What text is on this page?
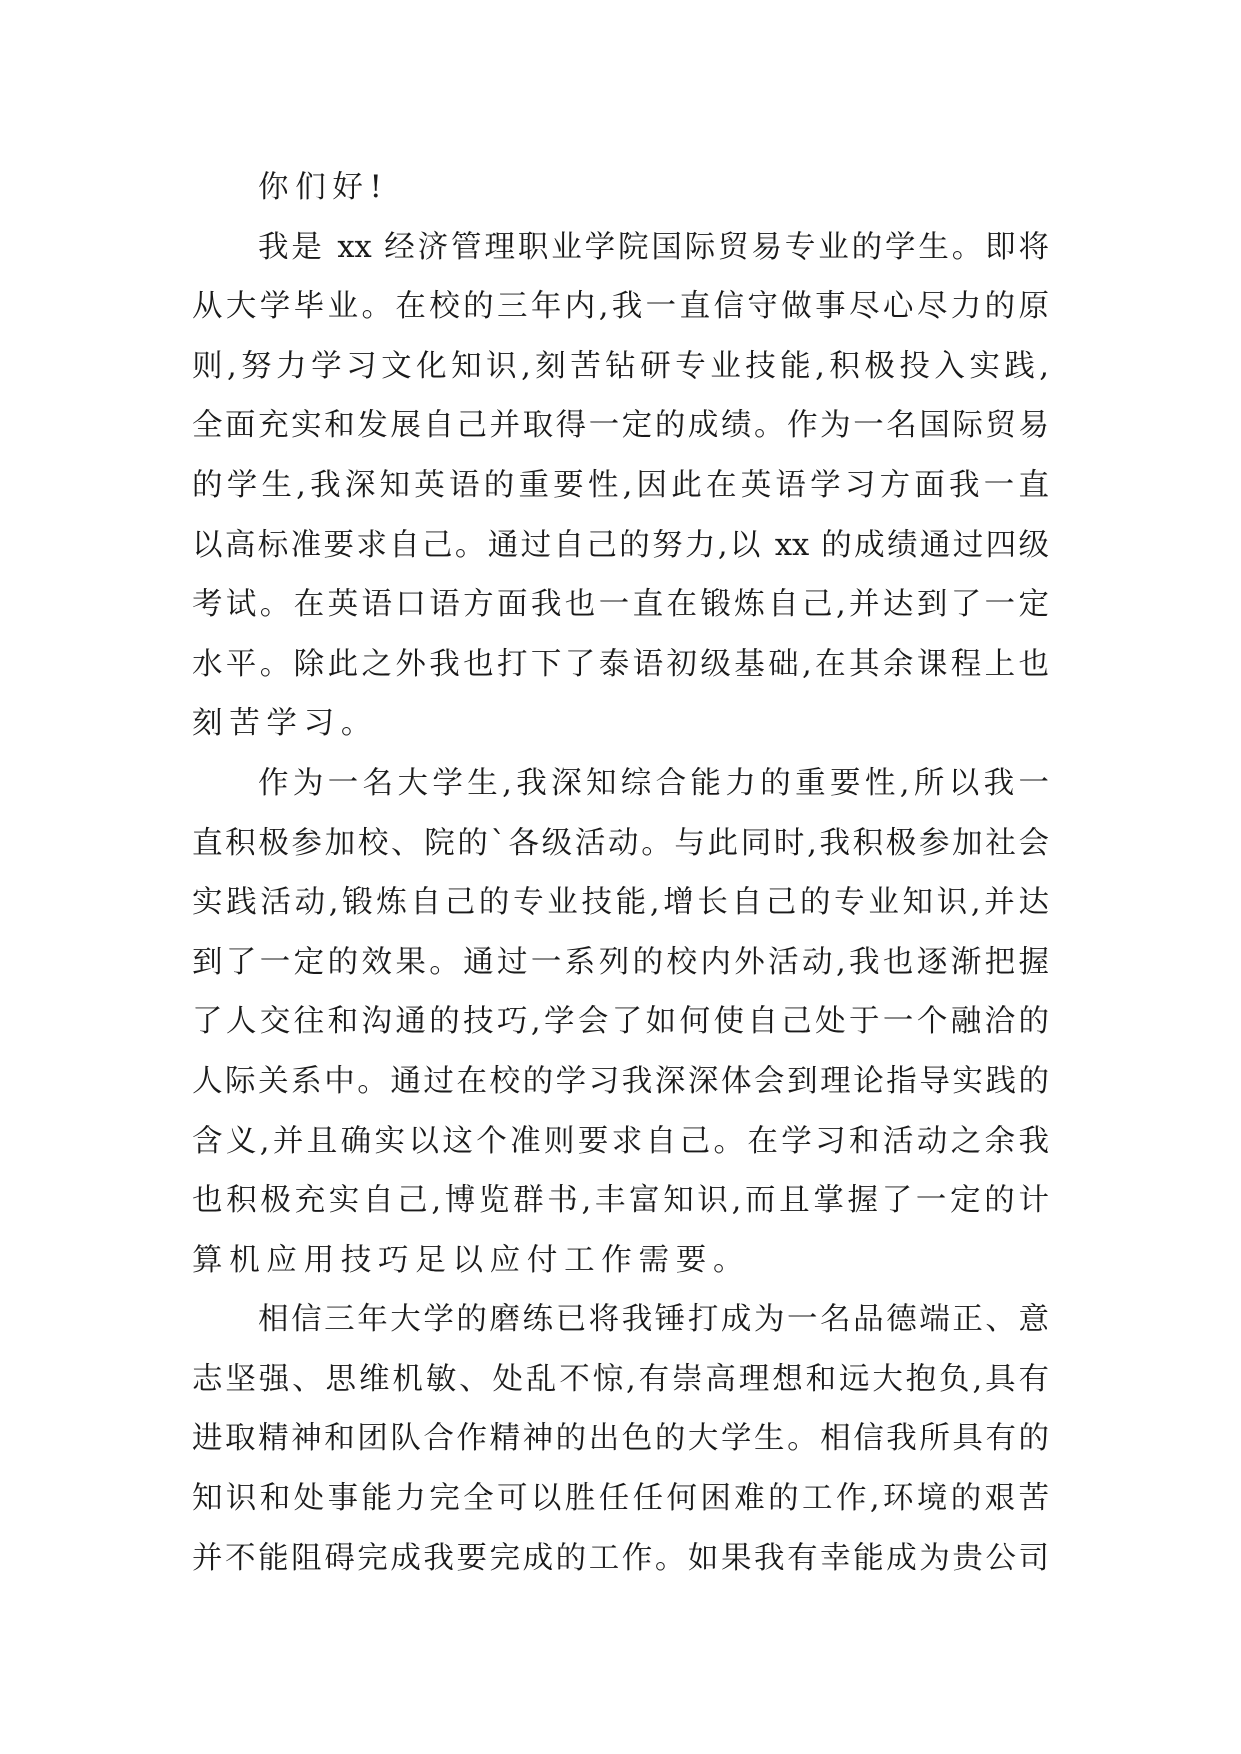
你们好!
我是 xx 经济管理职业学院国际贸易专业的学生。即将
从大学毕业。在校的三年内,我一直信守做事尽心尽力的原
则,努力学习文化知识,刻苦钻研专业技能,积极投入实践,
全面充实和发展自己并取得一定的成绩。作为一名国际贸易
的学生,我深知英语的重要性,因此在英语学习方面我一直
以高标准要求自己。通过自己的努力,以 xx 的成绩通过四级
考试。在英语口语方面我也一直在锻炼自己,并达到了一定
水平。除此之外我也打下了泰语初级基础,在其余课程上也
刻苦学习。
作为一名大学生,我深知综合能力的重要性,所以我一
直积极参加校、院的`各级活动。与此同时,我积极参加社会
实践活动,锻炼自己的专业技能,增长自己的专业知识,并达
到了一定的效果。通过一系列的校内外活动,我也逐渐把握
了人交往和沟通的技巧,学会了如何使自己处于一个融洽的
人际关系中。通过在校的学习我深深体会到理论指导实践的
含义,并且确实以这个准则要求自己。在学习和活动之余我
也积极充实自己,博览群书,丰富知识,而且掌握了一定的计
算机应用技巧足以应付工作需要。
相信三年大学的磨练已将我锤打成为一名品德端正、意
志坚强、思维机敏、处乱不惊,有崇高理想和远大抱负,具有
进取精神和团队合作精神的出色的大学生。相信我所具有的
知识和处事能力完全可以胜任任何困难的工作,环境的艰苦
并不能阻碍完成我要完成的工作。如果我有幸能成为贵公司
